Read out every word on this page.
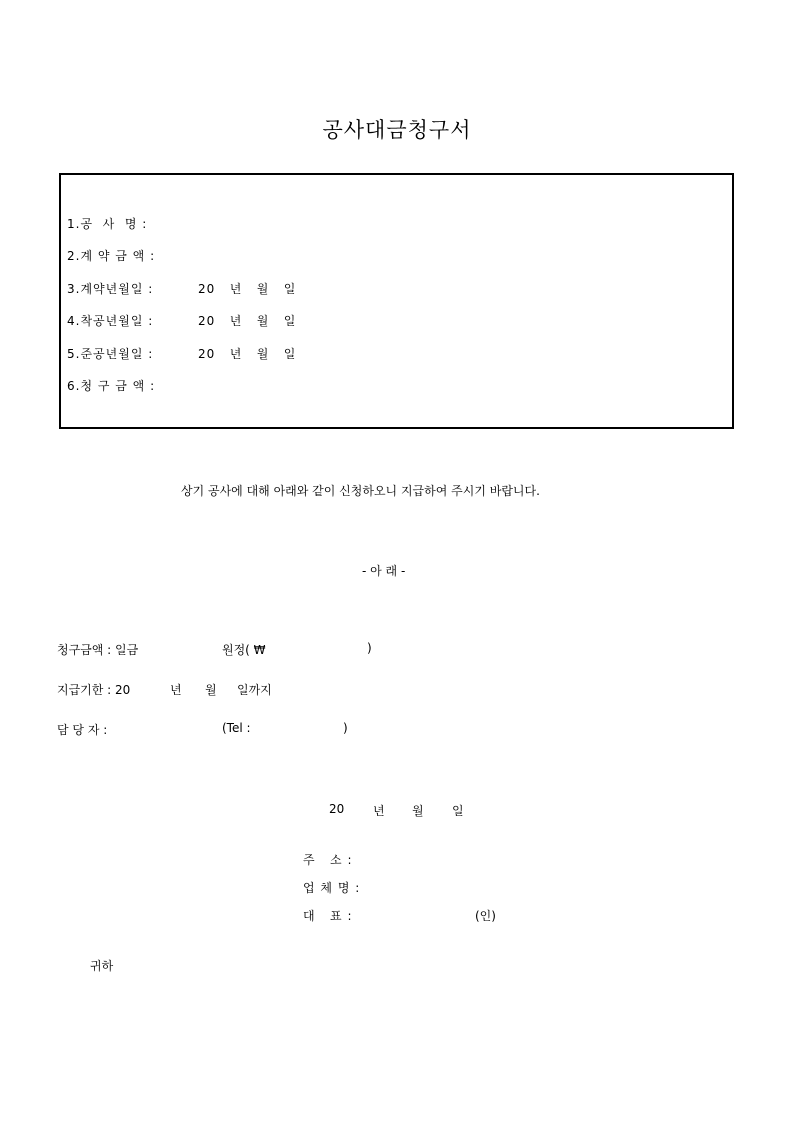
공사대금청구서
1.공  사  명 :
2.계 약 금 액 :
3.계약년월일 :	20   년   월   일
4.착공년월일 :	20   년   월   일
5.준공년월일 :	20   년   월   일
6.청 구 금 액 :
상기 공사에 대해 아래와 같이 신청하오니 지급하여 주시기 바랍니다.
- 아 래 -
청구금액 : 일금	원정( ₩	)
지급기한 : 20	년 월 일까지
담 당 자 :	(Tel :	)
20 년 월 일
주   소 :
업 체 명 :
대   표 :	(인)
귀하
